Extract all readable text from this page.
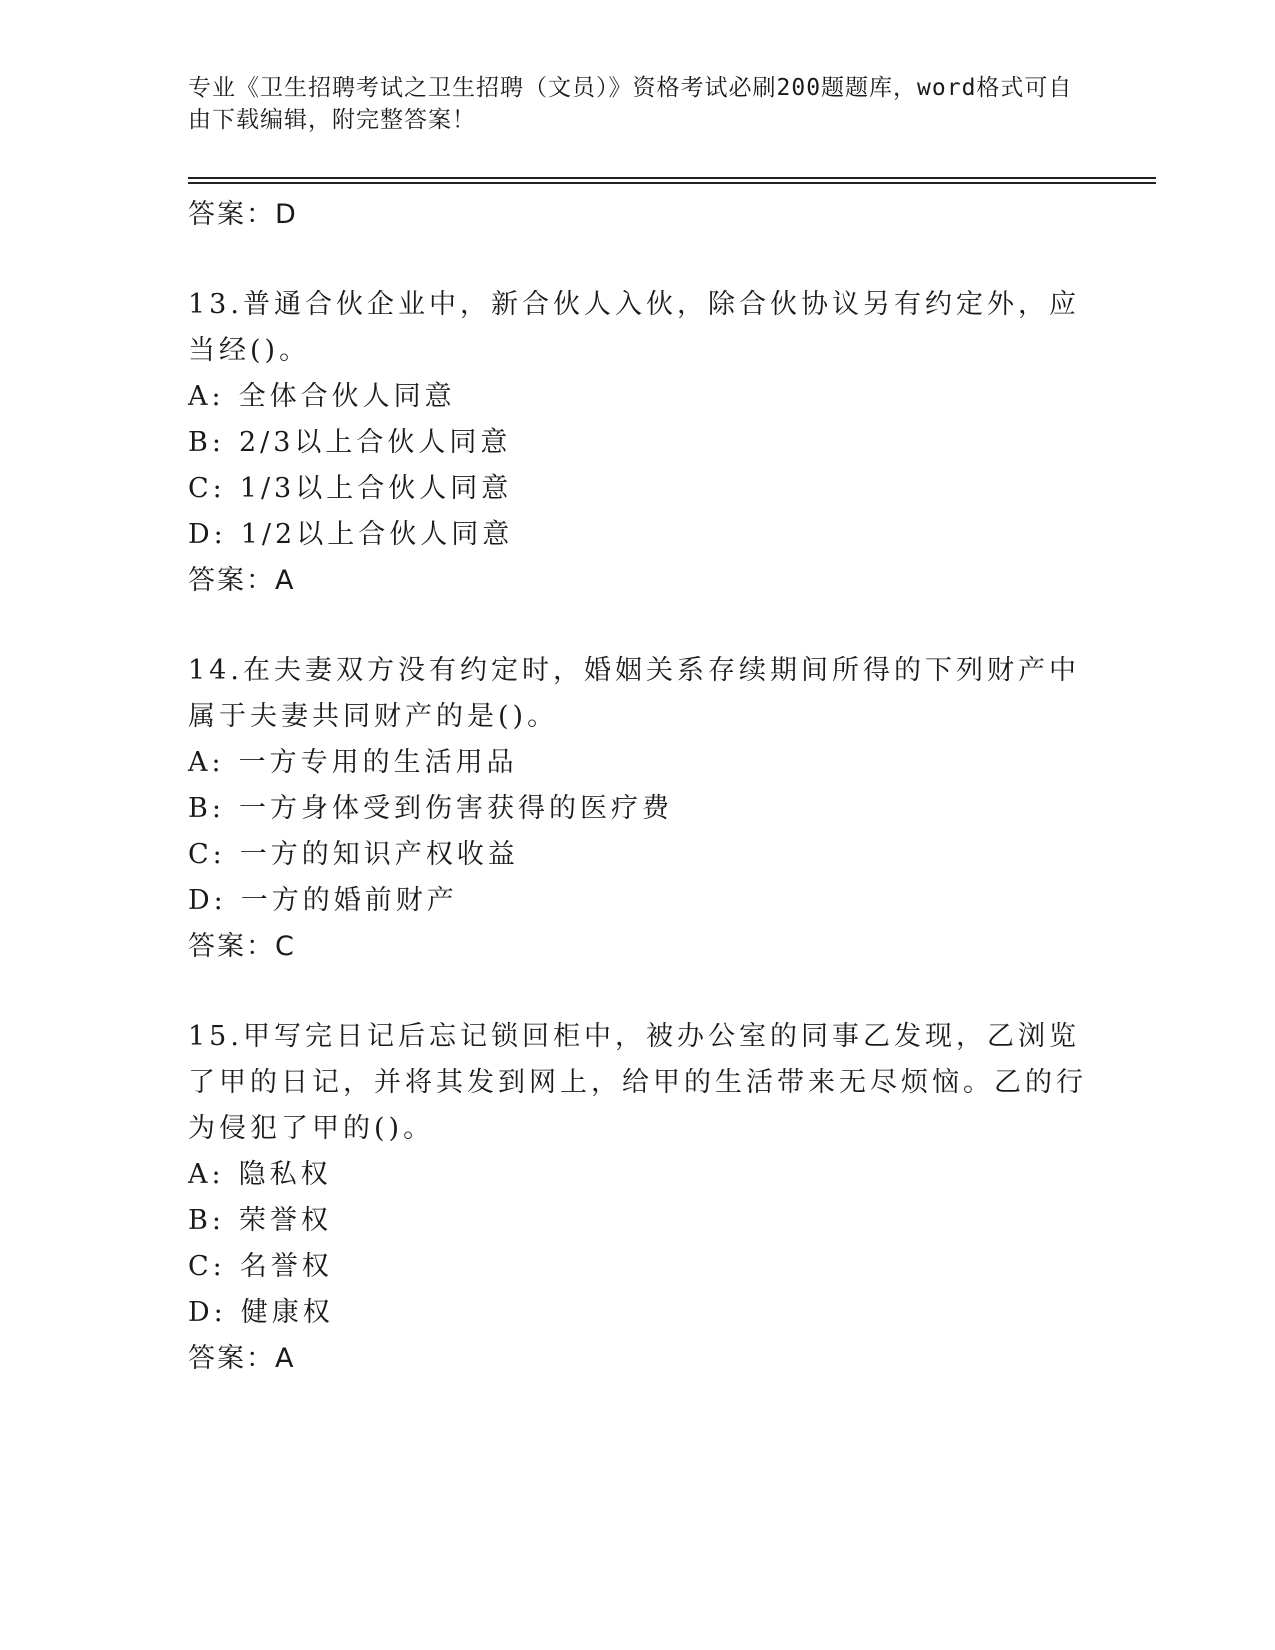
专业《卫生招聘考试之卫生招聘（文员）》资格考试必刷200题题库，word格式可自由下载编辑，附完整答案！
答案：D

13.普通合伙企业中，新合伙人入伙，除合伙协议另有约定外，应当经()。

A: 全体合伙人同意

B: 2/3以上合伙人同意

C: 1/3以上合伙人同意

D: 1/2以上合伙人同意

答案：A

14.在夫妻双方没有约定时，婚姻关系存续期间所得的下列财产中属于夫妻共同财产的是()。

A: 一方专用的生活用品

B: 一方身体受到伤害获得的医疗费

C: 一方的知识产权收益

D: 一方的婚前财产

答案：C

15.甲写完日记后忘记锁回柜中，被办公室的同事乙发现，乙浏览了甲的日记，并将其发到网上，给甲的生活带来无尽烦恼。乙的行为侵犯了甲的()。

A: 隐私权

B: 荣誉权

C: 名誉权

D: 健康权

答案：A
